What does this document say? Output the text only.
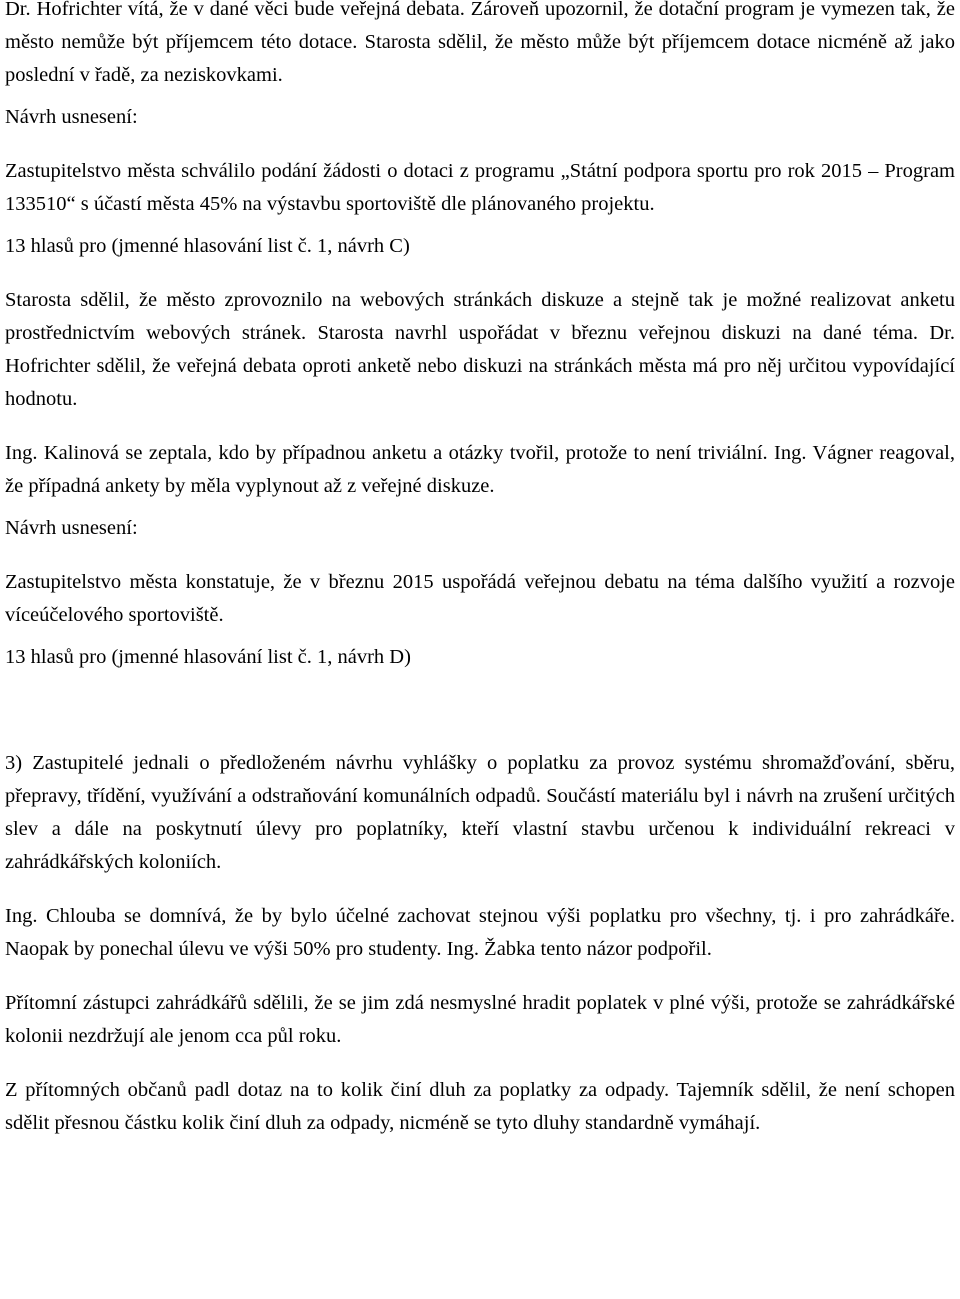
Dr. Hofrichter vítá, že v dané věci bude veřejná debata. Zároveň upozornil, že dotační program je vymezen tak, že město nemůže být příjemcem této dotace. Starosta sdělil, že město může být příjemcem dotace nicméně až jako poslední v řadě, za neziskovkami.

Návrh usnesení:

Zastupitelstvo města schválilo podání žádosti o dotaci z programu „Státní podpora sportu pro rok 2015 – Program 133510“ s účastí města 45% na výstavbu sportoviště dle plánovaného projektu.

13 hlasů pro (jmenné hlasování list č. 1, návrh C)

Starosta sdělil, že město zprovoznilo na webových stránkách diskuze a stejně tak je možné realizovat anketu prostřednictvím webových stránek. Starosta navrhl uspořádat v březnu veřejnou diskuzi na dané téma. Dr. Hofrichter sdělil, že veřejná debata oproti anketě nebo diskuzi na stránkách města má pro něj určitou vypovídající hodnotu.

Ing. Kalinová se zeptala, kdo by případnou anketu a otázky tvořil, protože to není triviální. Ing. Vágner reagoval, že případná ankety by měla vyplynout až z veřejné diskuze.

Návrh usnesení:

Zastupitelstvo města konstatuje, že v březnu 2015 uspořádá veřejnou debatu na téma dalšího využití a rozvoje víceúčelového sportoviště.

13 hlasů pro (jmenné hlasování list č. 1, návrh D)

3) Zastupitelé jednali o předloženém návrhu vyhlášky o poplatku za provoz systému shromažďování, sběru, přepravy, třídění, využívání a odstraňování komunálních odpadů. Součástí materiálu byl i návrh na zrušení určitých slev a dále na poskytnutí úlevy pro poplatníky, kteří vlastní stavbu určenou k individuální rekreaci v zahrádkářských koloniích.

Ing. Chlouba se domnívá, že by bylo účelné zachovat stejnou výši poplatku pro všechny, tj. i pro zahrádkáře. Naopak by ponechal úlevu ve výši 50% pro studenty. Ing. Žabka tento názor podpořil.

Přítomní zástupci zahrádkářů sdělili, že se jim zdá nesmyslné hradit poplatek v plné výši, protože se zahrádkářské kolonii nezdržují ale jenom cca půl roku.

Z přítomných občanů padl dotaz na to kolik činí dluh za poplatky za odpady. Tajemník sdělil, že není schopen sdělit přesnou částku kolik činí dluh za odpady, nicméně se tyto dluhy standardně vymáhají.
